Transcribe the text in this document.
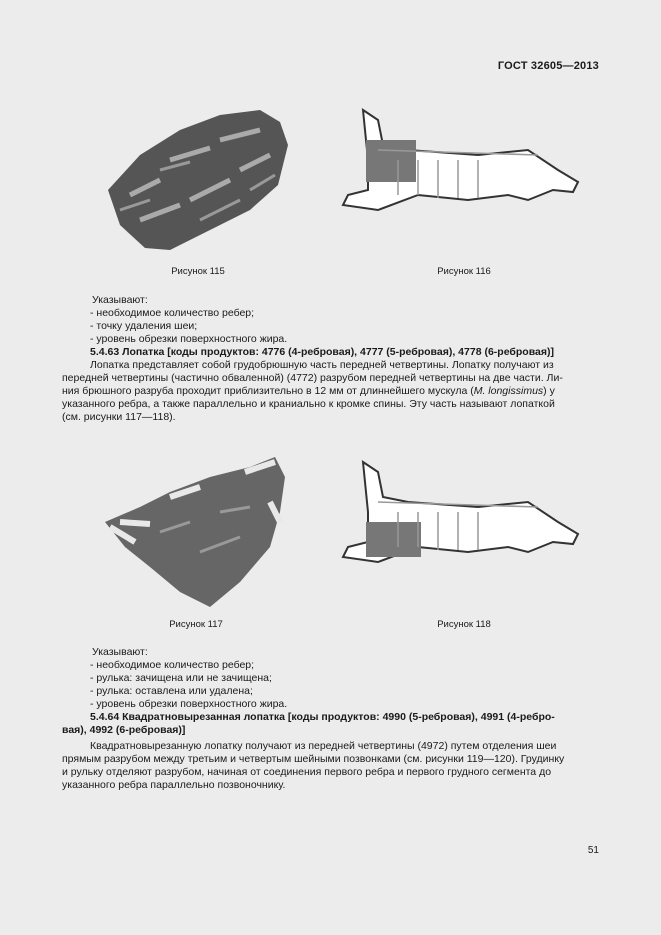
ГОСТ 32605—2013
Рисунок 115	Рисунок 116
Указывают:
- необходимое количество ребер;
- точку удаления шеи;
- уровень обрезки поверхностного жира.
5.4.63 Лопатка [коды продуктов: 4776 (4-ребровая), 4777 (5-ребровая), 4778 (6-ребровая)]
Лопатка представляет собой грудобрюшную часть передней четвертины. Лопатку получают из
передней четвертины (частично обваленной) (4772) разрубом передней четвертины на две части. Ли-
ния брюшного разруба проходит приблизительно в 12 мм от длиннейшего мускула (M. longissimus) у
указанного ребра, а также параллельно и краниально к кромке спины. Эту часть называют лопаткой
(см. рисунки 117—118).
Рисунок 117	Рисунок 118
Указывают:
- необходимое количество ребер;
- рулька: зачищена или не зачищена;
- рулька: оставлена или удалена;
- уровень обрезки поверхностного жира.
5.4.64 Квадратновырезанная лопатка [коды продуктов: 4990 (5-ребровая), 4991 (4-ребро-
вая), 4992 (6-ребровая)]
Квадратновырезанную лопатку получают из передней четвертины (4972) путем отделения шеи
прямым разрубом между третьим и четвертым шейными позвонками (см. рисунки 119—120). Грудинку
и рульку отделяют разрубом, начиная от соединения первого ребра и первого грудного сегмента до
указанного ребра параллельно позвоночнику.
51
